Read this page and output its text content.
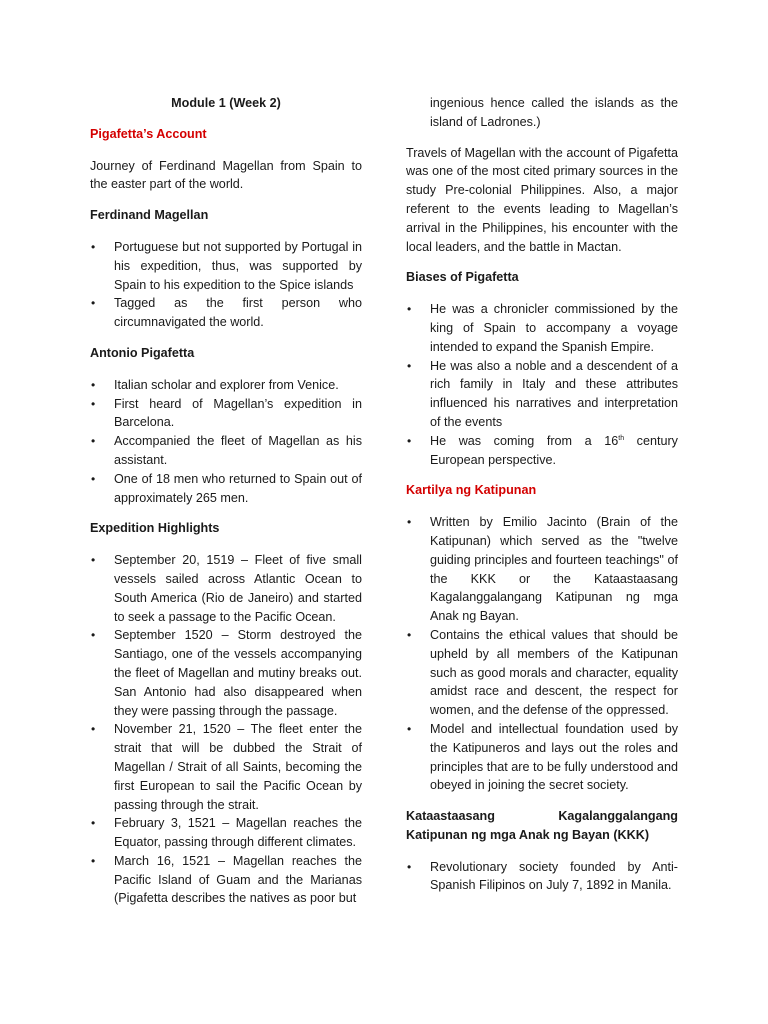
Module 1 (Week 2)

Pigafetta’s Account

Journey of Ferdinand Magellan from Spain to the easter part of the world.

Ferdinand Magellan

• Portuguese but not supported by Portugal in his expedition, thus, was supported by Spain to his expedition to the Spice islands
• Tagged as the first person who circumnavigated the world.

Antonio Pigafetta

• Italian scholar and explorer from Venice.
• First heard of Magellan’s expedition in Barcelona.
• Accompanied the fleet of Magellan as his assistant.
• One of 18 men who returned to Spain out of approximately 265 men.

Expedition Highlights

• September 20, 1519 – Fleet of five small vessels sailed across Atlantic Ocean to South America (Rio de Janeiro) and started to seek a passage to the Pacific Ocean.
• September 1520 – Storm destroyed the Santiago, one of the vessels accompanying the fleet of Magellan and mutiny breaks out. San Antonio had also disappeared when they were passing through the passage.
• November 21, 1520 – The fleet enter the strait that will be dubbed the Strait of Magellan / Strait of all Saints, becoming the first European to sail the Pacific Ocean by passing through the strait.
• February 3, 1521 – Magellan reaches the Equator, passing through different climates.
• March 16, 1521 – Magellan reaches the Pacific Island of Guam and the Marianas (Pigafetta describes the natives as poor but

ingenious hence called the islands as the island of Ladrones.)

Travels of Magellan with the account of Pigafetta was one of the most cited primary sources in the study Pre-colonial Philippines. Also, a major referent to the events leading to Magellan’s arrival in the Philippines, his encounter with the local leaders, and the battle in Mactan.

Biases of Pigafetta

• He was a chronicler commissioned by the king of Spain to accompany a voyage intended to expand the Spanish Empire.
• He was also a noble and a descendent of a rich family in Italy and these attributes influenced his narratives and interpretation of the events
• He was coming from a 16th century European perspective.

Kartilya ng Katipunan

• Written by Emilio Jacinto (Brain of the Katipunan) which served as the "twelve guiding principles and fourteen teachings" of the KKK or the Kataastaasang Kagalanggalangang Katipunan ng mga Anak ng Bayan.
• Contains the ethical values that should be upheld by all members of the Katipunan such as good morals and character, equality amidst race and descent, the respect for women, and the defense of the oppressed.
• Model and intellectual foundation used by the Katipuneros and lays out the roles and principles that are to be fully understood and obeyed in joining the secret society.

Kataastaasang Kagalanggalangang Katipunan ng mga Anak ng Bayan (KKK)

• Revolutionary society founded by Anti-Spanish Filipinos on July 7, 1892 in Manila.
